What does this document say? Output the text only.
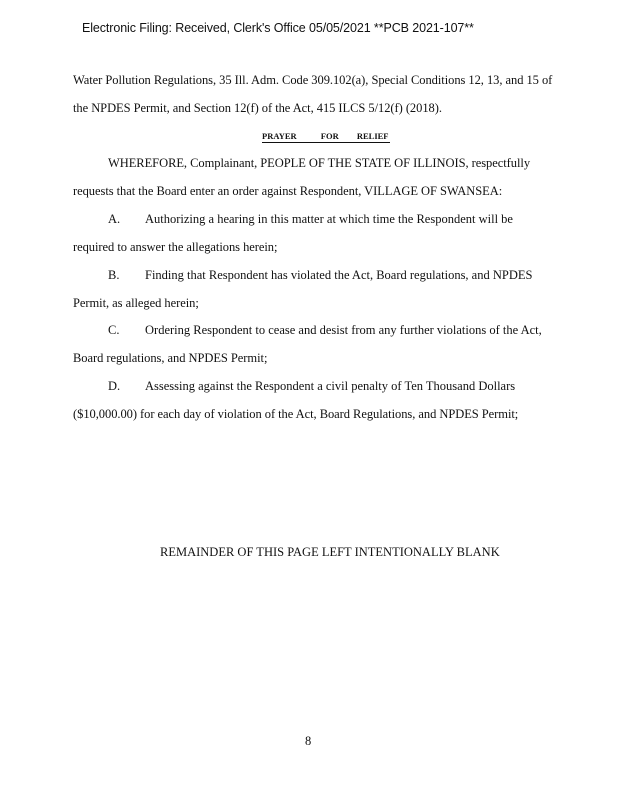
Electronic Filing: Received, Clerk's Office 05/05/2021 **PCB 2021-107**
Water Pollution Regulations, 35 Ill. Adm. Code 309.102(a), Special Conditions 12, 13, and 15 of
the NPDES Permit, and Section 12(f) of the Act, 415 ILCS 5/12(f) (2018).
PRAYER	FOR RELIEF
WHEREFORE, Complainant, PEOPLE OF THE STATE OF ILLINOIS, respectfully
requests that the Board enter an order against Respondent, VILLAGE OF SWANSEA:
A. Authorizing a hearing in this matter at which time the Respondent will be
required to answer the allegations herein;
B. Finding that Respondent has violated the Act, Board regulations, and NPDES
Permit, as alleged herein;
C. Ordering Respondent to cease and desist from any further violations of the Act,
Board regulations, and NPDES Permit;
D. Assessing against the Respondent a civil penalty of Ten Thousand Dollars
($10,000.00) for each day of violation of the Act, Board Regulations, and NPDES Permit;
REMAINDER OF THIS PAGE LEFT INTENTIONALLY BLANK
8
